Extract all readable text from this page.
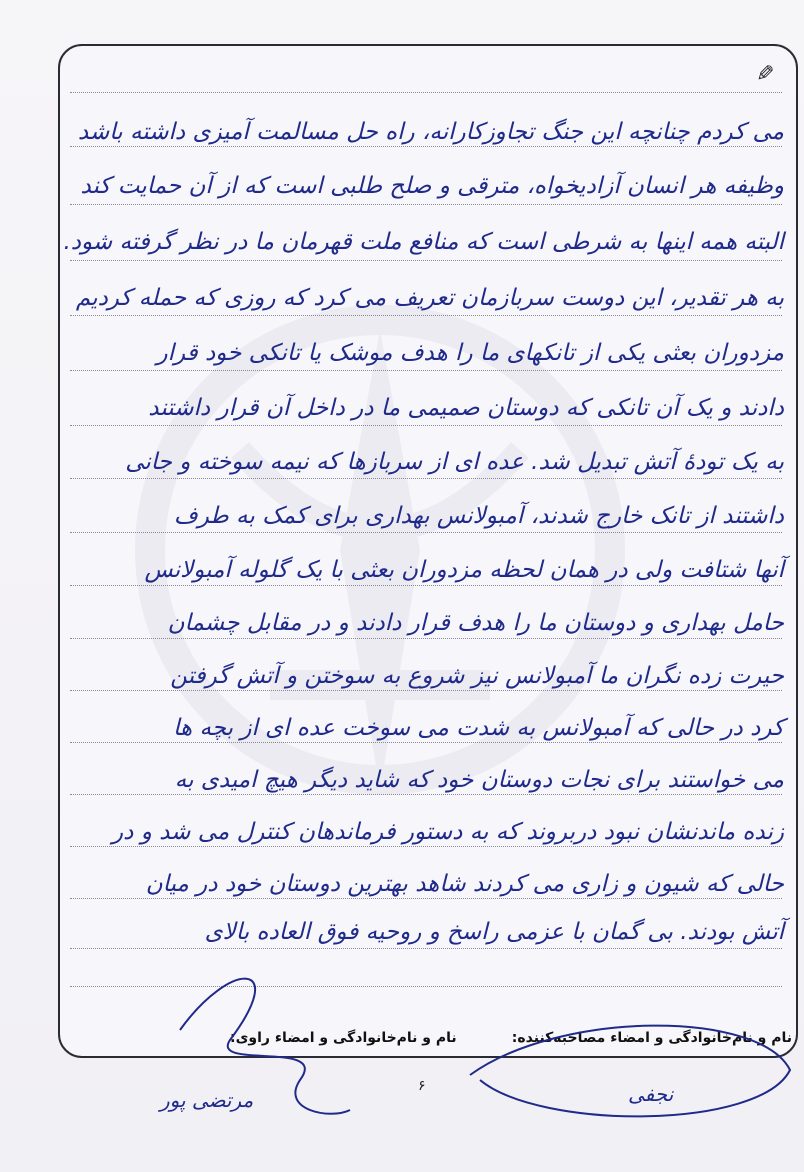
✎
می کردم چنانچه این جنگ تجاوزکارانه، راه حل مسالمت آمیزی داشته باشد
وظیفه هر انسان آزادیخواه، مترقی و صلح طلبی است که از آن حمایت کند
البته همه اینها به شرطی است که منافع ملت قهرمان ما در نظر گرفته شود.
به هر تقدیر، این دوست سربازمان تعریف می کرد که روزی که حمله کردیم
مزدوران بعثی یکی از تانکهای ما را هدف موشک یا تانکی خود قرار
دادند و یک آن تانکی که دوستان صمیمی ما در داخل آن قرار داشتند
به یک تودهٔ آتش تبدیل شد. عده ای از سربازها که نیمه سوخته و جانی
داشتند از تانک خارج شدند، آمبولانس بهداری برای کمک به طرف
آنها شتافت ولی در همان لحظه مزدوران بعثی با یک گلوله آمبولانس
حامل بهداری و دوستان ما را هدف قرار دادند و در مقابل چشمان
حیرت زده نگران ما آمبولانس نیز شروع به سوختن و آتش گرفتن
کرد در حالی که آمبولانس به شدت می سوخت عده ای از بچه ها
می خواستند برای نجات دوستان خود که شاید دیگر هیچ امیدی به
زنده ماندنشان نبود دربروند که به دستور فرماندهان کنترل می شد و در
حالی که شیون و زاری می کردند شاهد بهترین دوستان خود در میان
آتش بودند. بی گمان با عزمی راسخ و روحیه فوق العاده بالای
نام و نام‌خانوادگی و امضاء مصاحبه‌کننده:
نام و نام‌خانوادگی و امضاء راوی:
۶
مرتضی پور	نجفی
